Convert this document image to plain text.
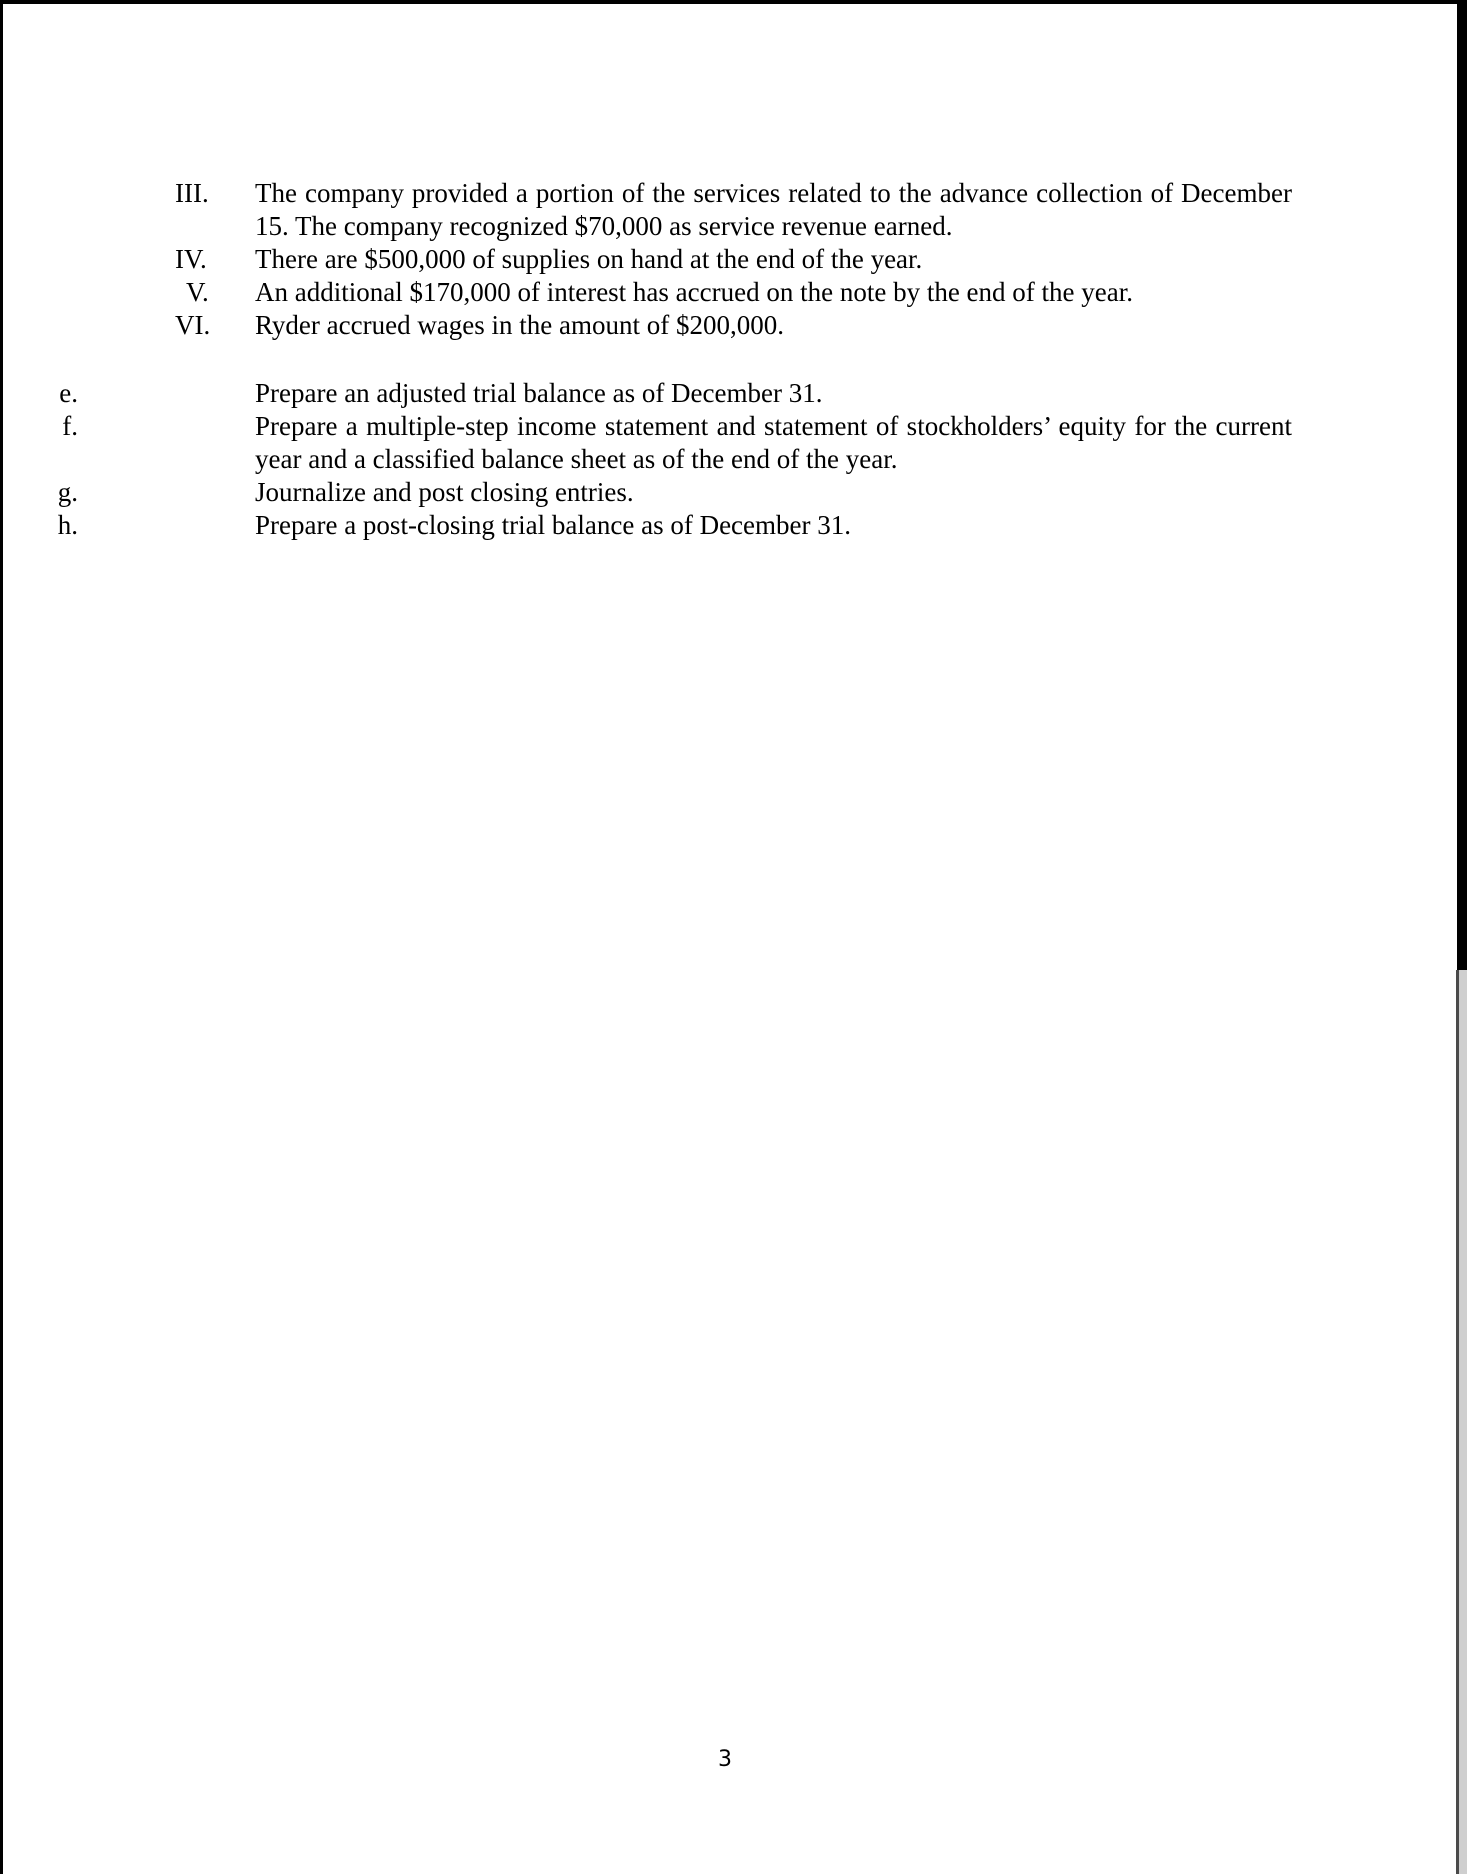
III. The company provided a portion of the services related to the advance collection of December 15. The company recognized $70,000 as service revenue earned.
IV. There are $500,000 of supplies on hand at the end of the year.
V. An additional $170,000 of interest has accrued on the note by the end of the year.
VI. Ryder accrued wages in the amount of $200,000.
e.	Prepare an adjusted trial balance as of December 31.
f.	Prepare a multiple-step income statement and statement of stockholders’ equity for the current year and a classified balance sheet as of the end of the year.
g.	Journalize and post closing entries.
h.	Prepare a post-closing trial balance as of December 31.
3
